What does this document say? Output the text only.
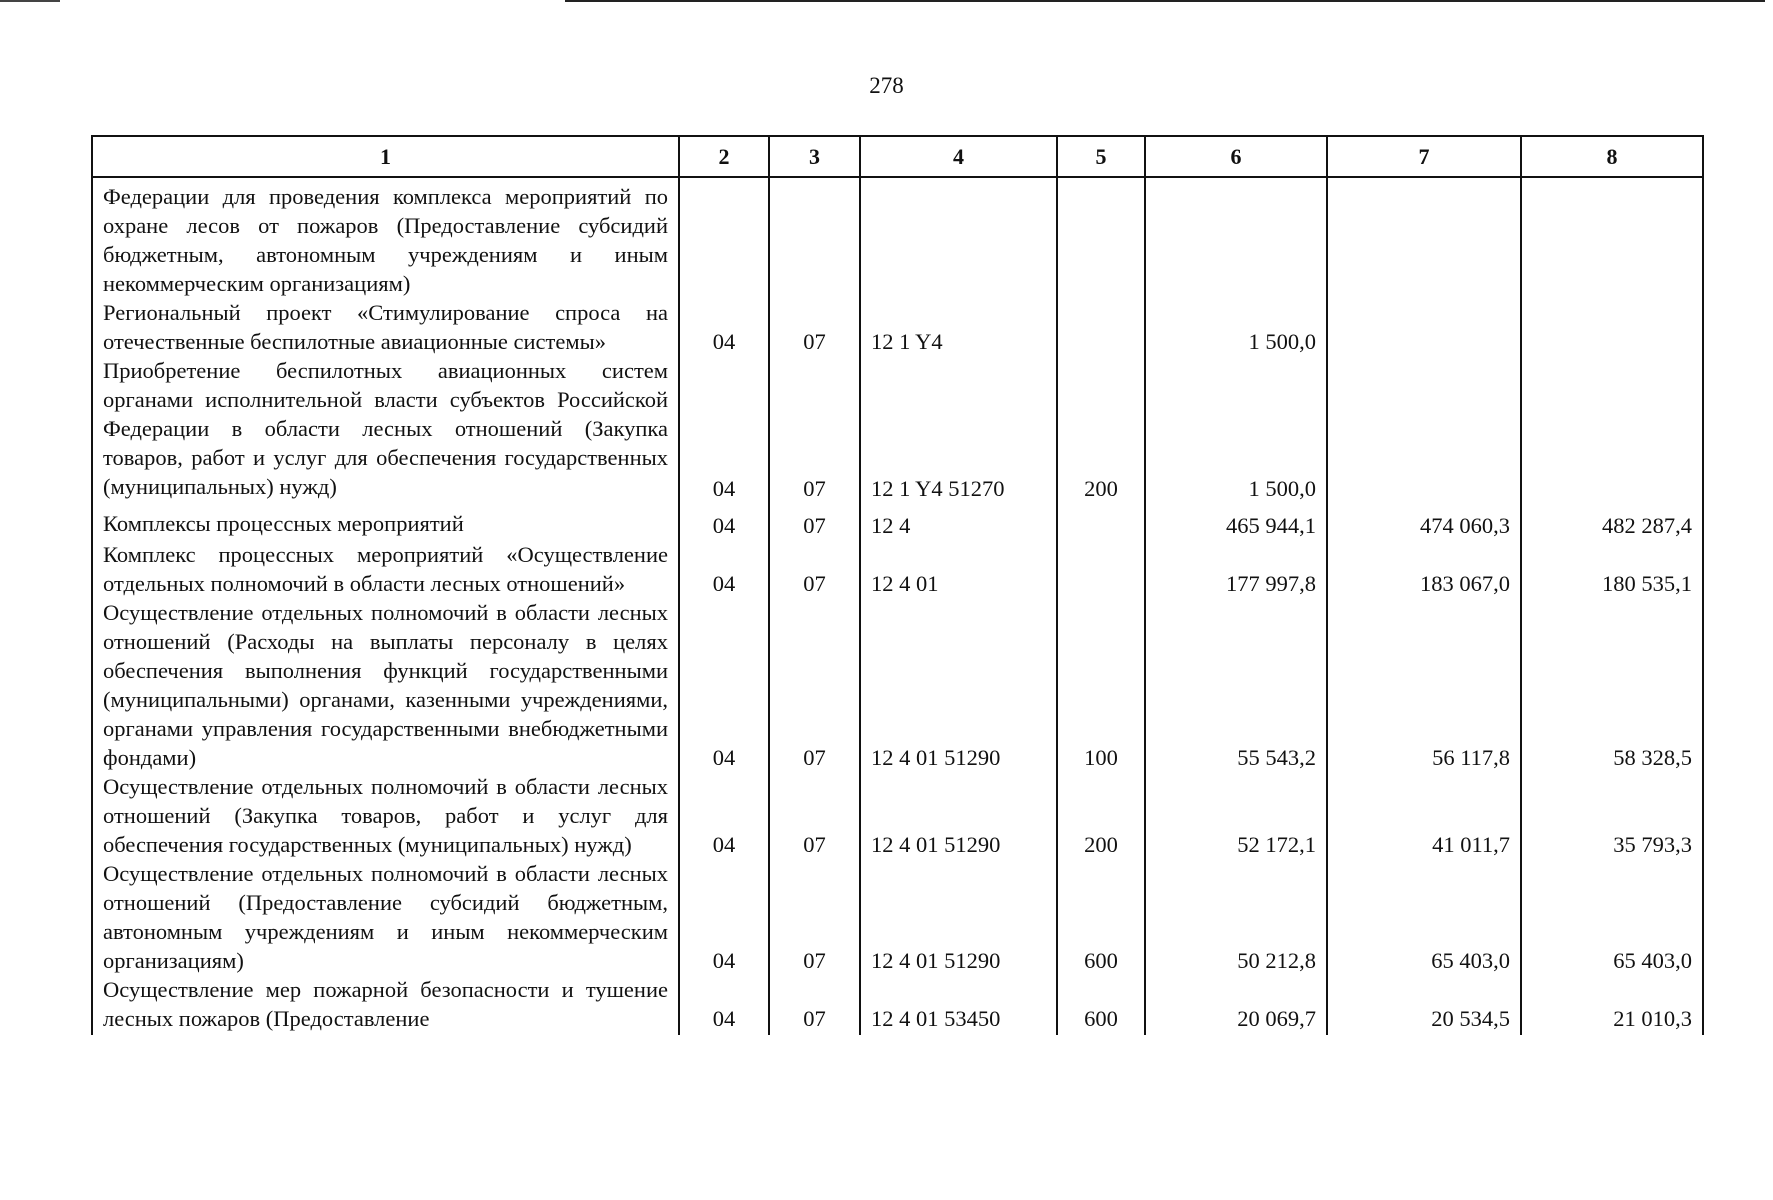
278
1	2	3	4	5	6	7	8
Федерации для проведения комплекса мероприятий по охране лесов от пожаров (Предоставление субсидий бюджетным, автономным учреждениям и иным некоммерческим организациям)							
Региональный проект «Стимулирование спроса на отечественные беспилотные авиационные системы»	04	07	12 1 Y4		1 500,0		
Приобретение беспилотных авиационных систем органами исполнительной власти субъектов Российской Федерации в области лесных отношений (Закупка товаров, работ и услуг для обеспечения государственных (муниципальных) нужд)	04	07	12 1 Y4 51270	200	1 500,0		
Комплексы процессных мероприятий	04	07	12 4		465 944,1	474 060,3	482 287,4
Комплекс процессных мероприятий «Осуществление отдельных полномочий в области лесных отношений»	04	07	12 4 01		177 997,8	183 067,0	180 535,1
Осуществление отдельных полномочий в области лесных отношений (Расходы на выплаты персоналу в целях обеспечения выполнения функций государственными (муниципальными) органами, казенными учреждениями, органами управления государственными внебюджетными фондами)	04	07	12 4 01 51290	100	55 543,2	56 117,8	58 328,5
Осуществление отдельных полномочий в области лесных отношений (Закупка товаров, работ и услуг для обеспечения государственных (муниципальных) нужд)	04	07	12 4 01 51290	200	52 172,1	41 011,7	35 793,3
Осуществление отдельных полномочий в области лесных отношений (Предоставление субсидий бюджетным, автономным учреждениям и иным некоммерческим организациям)	04	07	12 4 01 51290	600	50 212,8	65 403,0	65 403,0
Осуществление мер пожарной безопасности и тушение лесных пожаров (Предоставление	04	07	12 4 01 53450	600	20 069,7	20 534,5	21 010,3
